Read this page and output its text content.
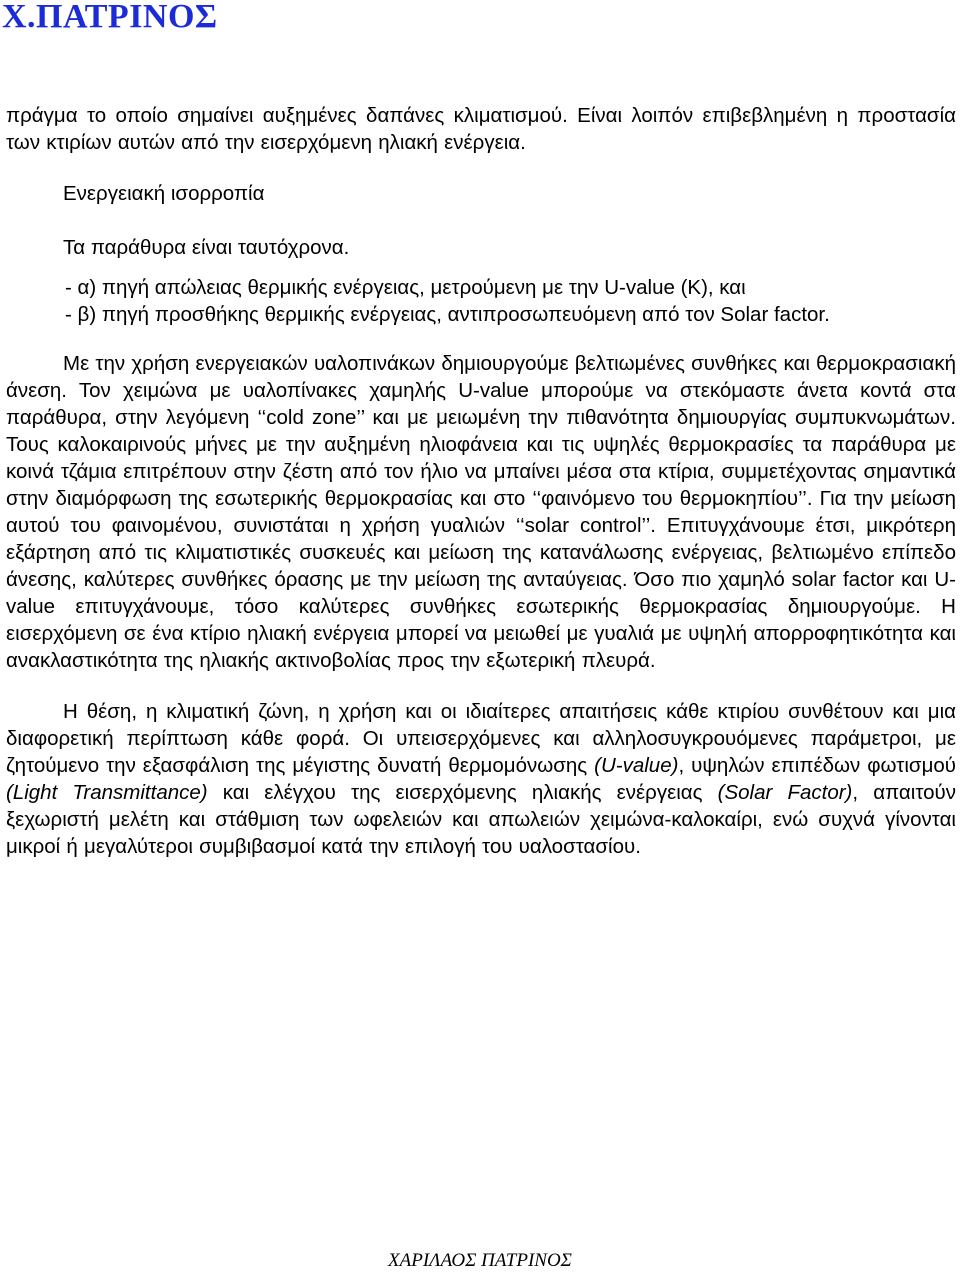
Χ.ΠΑΤΡΙΝΟΣ

πράγμα το οποίο σημαίνει αυξημένες δαπάνες κλιματισμού. Είναι λοιπόν επιβεβλημένη η προστασία των κτιρίων αυτών από την εισερχόμενη ηλιακή ενέργεια.

Ενεργειακή ισορροπία

Τα παράθυρα είναι ταυτόχρονα.

- α) πηγή απώλειας θερμικής ενέργειας, μετρούμενη με την U-value (K), και

- β) πηγή προσθήκης θερμικής ενέργειας, αντιπροσωπευόμενη από τον Solar factor.

Με την χρήση ενεργειακών υαλοπινάκων δημιουργούμε βελτιωμένες συνθήκες και θερμοκρασιακή άνεση. Τον χειμώνα με υαλοπίνακες χαμηλής U-value μπορούμε να στεκόμαστε άνετα κοντά στα παράθυρα, στην λεγόμενη ‘‘cold zone’’ και με μειωμένη την πιθανότητα δημιουργίας συμπυκνωμάτων. Τους καλοκαιρινούς μήνες με την αυξημένη ηλιοφάνεια και τις υψηλές θερμοκρασίες τα παράθυρα με κοινά τζάμια επιτρέπουν στην ζέστη από τον ήλιο να μπαίνει μέσα στα κτίρια, συμμετέχοντας σημαντικά στην διαμόρφωση της εσωτερικής θερμοκρασίας και στο ‘‘φαινόμενο του θερμοκηπίου’’. Για την μείωση αυτού του φαινομένου, συνιστάται η χρήση γυαλιών ‘‘solar control’’. Επιτυγχάνουμε έτσι, μικρότερη εξάρτηση από τις κλιματιστικές συσκευές και μείωση της κατανάλωσης ενέργειας, βελτιωμένο επίπεδο άνεσης, καλύτερες συνθήκες όρασης με την μείωση της ανταύγειας. Όσο πιο χαμηλό solar factor και U-value επιτυγχάνουμε, τόσο καλύτερες συνθήκες εσωτερικής θερμοκρασίας δημιουργούμε. Η εισερχόμενη σε ένα κτίριο ηλιακή ενέργεια μπορεί να μειωθεί με γυαλιά με υψηλή απορροφητικότητα και ανακλαστικότητα της ηλιακής ακτινοβολίας προς την εξωτερική πλευρά.

Η θέση, η κλιματική ζώνη, η χρήση και οι ιδιαίτερες απαιτήσεις κάθε κτιρίου συνθέτουν και μια διαφορετική περίπτωση κάθε φορά. Οι υπεισερχόμενες και αλληλοσυγκρουόμενες παράμετροι, με ζητούμενο την εξασφάλιση της μέγιστης δυνατή θερμομόνωσης (U-value), υψηλών επιπέδων φωτισμού (Light Transmittance) και ελέγχου της εισερχόμενης ηλιακής ενέργειας (Solar Factor), απαιτούν ξεχωριστή μελέτη και στάθμιση των ωφελειών και απωλειών χειμώνα-καλοκαίρι, ενώ συχνά γίνονται μικροί ή μεγαλύτεροι συμβιβασμοί κατά την επιλογή του υαλοστασίου.

ΧΑΡΙΛΑΟΣ ΠΑΤΡΙΝΟΣ
